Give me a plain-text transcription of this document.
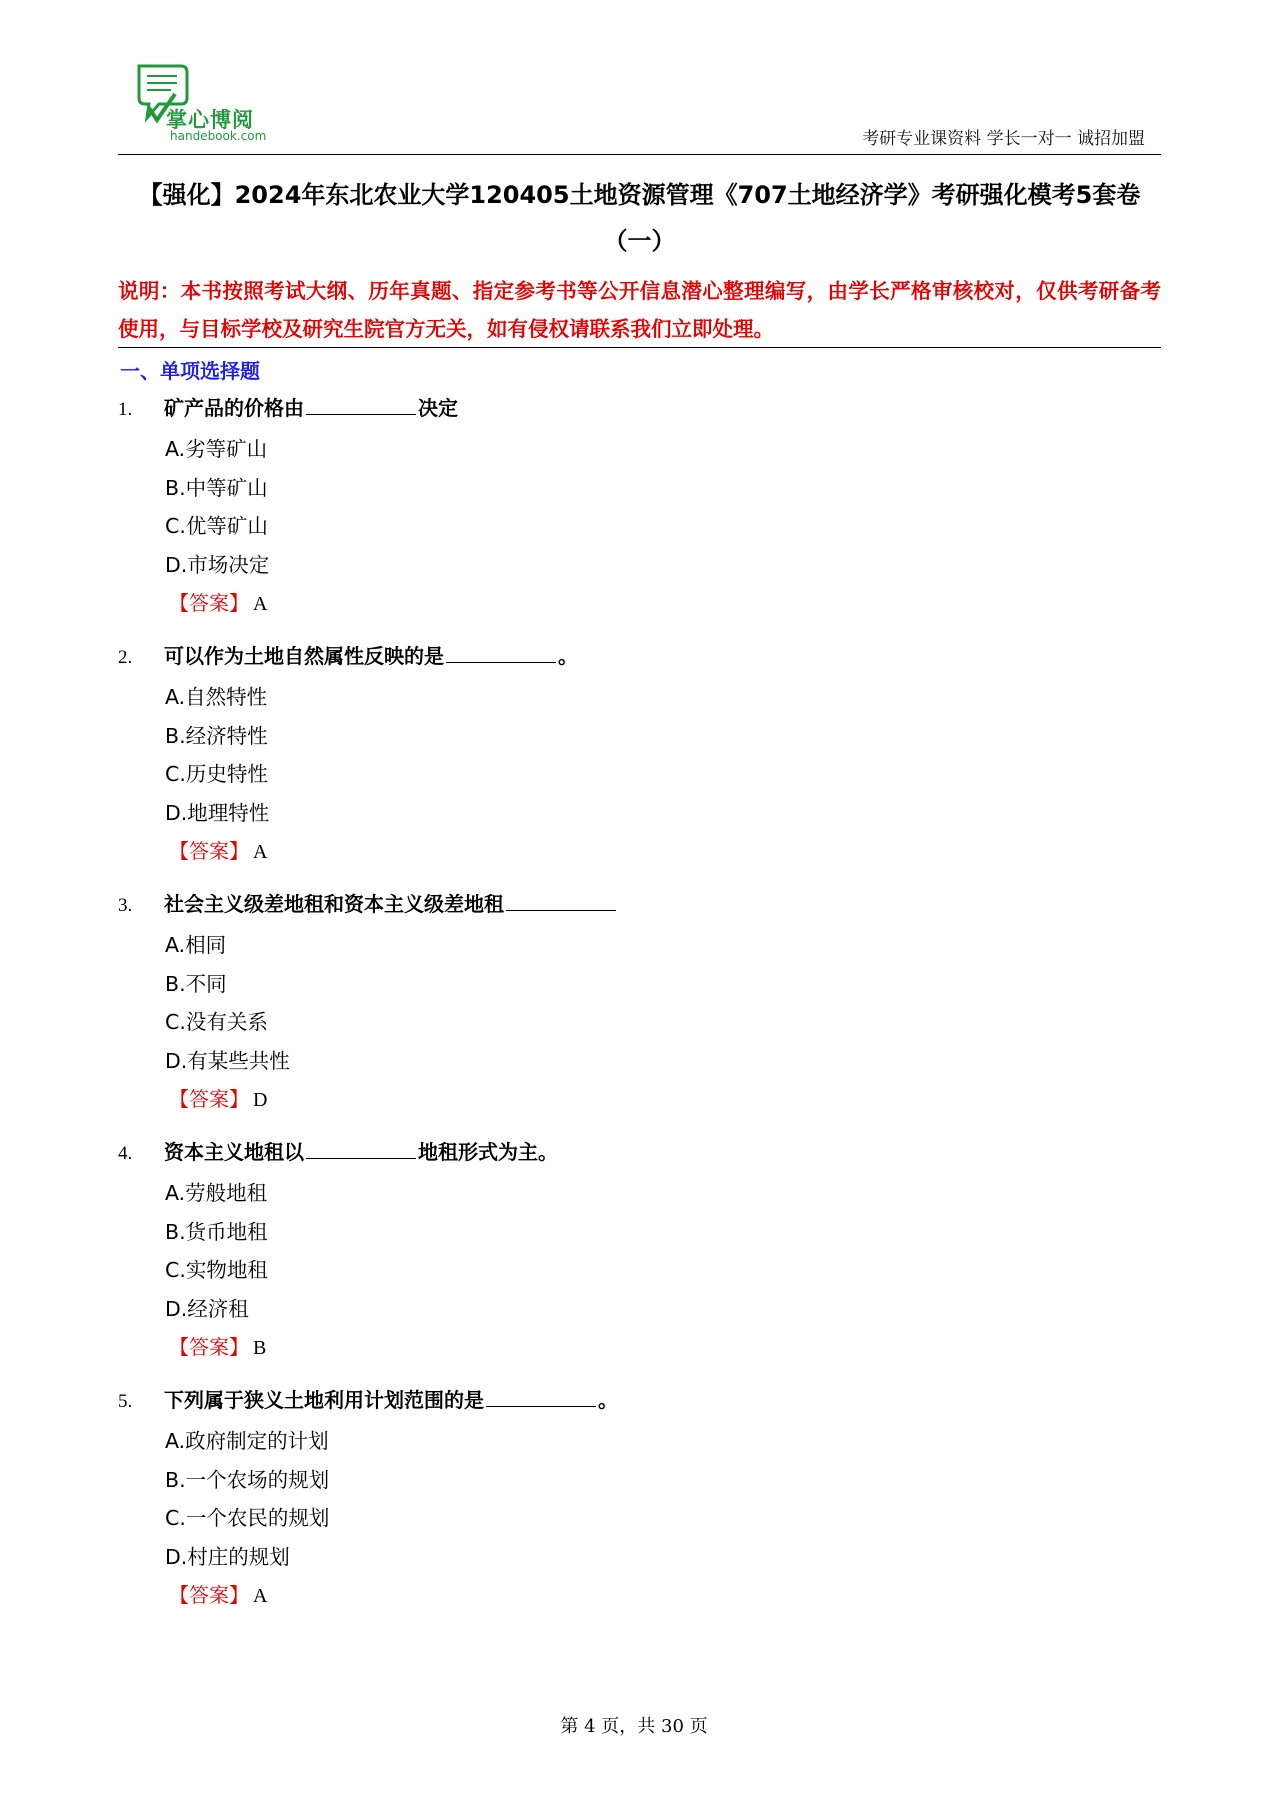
掌心博阅
handebook.com	考研专业课资料 学长一对一 诚招加盟
【强化】2024年东北农业大学120405土地资源管理《707土地经济学》考研强化模考5套卷（一）
说明：本书按照考试大纲、历年真题、指定参考书等公开信息潜心整理编写，由学长严格审核校对，仅供考研备考使用，与目标学校及研究生院官方无关，如有侵权请联系我们立即处理。
一、单项选择题
1.	矿产品的价格由	决定
A.劣等矿山
B.中等矿山
C.优等矿山
D.市场决定
【答案】 A
2.	可以作为土地自然属性反映的是	。
A.自然特性
B.经济特性
C.历史特性
D.地理特性
【答案】 A
3.	社会主义级差地租和资本主义级差地租
A.相同
B.不同
C.没有关系
D.有某些共性
【答案】 D
4.	资本主义地租以	地租形式为主。
A.劳般地租
B.货币地租
C.实物地租
D.经济租
【答案】 B
5.	下列属于狭义土地利用计划范围的是	。
A.政府制定的计划
B.一个农场的规划
C.一个农民的规划
D.村庄的规划
【答案】 A
第 4 页，共 30 页
